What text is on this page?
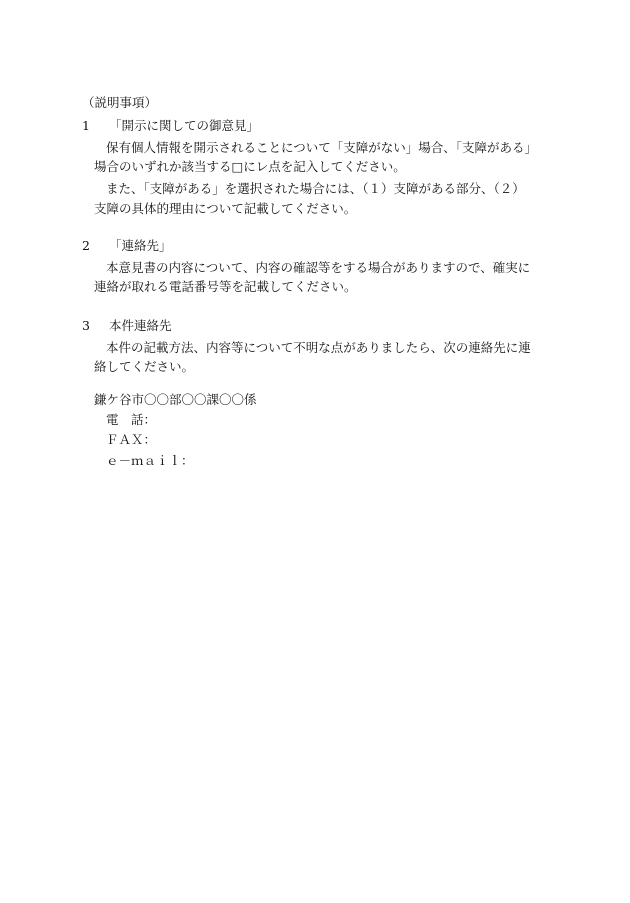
（説明事項）
1 「開示に関しての御意見」
保有個人情報を開示されることについて「支障がない」場合、「支障がある」
場合のいずれか該当する□にレ点を記入してください。
また、「支障がある」を選択された場合には、（１）支障がある部分、（２）
支障の具体的理由について記載してください。
2 「連絡先」
本意見書の内容について、内容の確認等をする場合がありますので、確実に
連絡が取れる電話番号等を記載してください。
3 本件連絡先
本件の記載方法、内容等について不明な点がありましたら、次の連絡先に連
絡してください。
鎌ケ谷市〇〇部〇〇課〇〇係
電　話：
ＦＡＸ：
ｅ－ｍａｉｌ：
